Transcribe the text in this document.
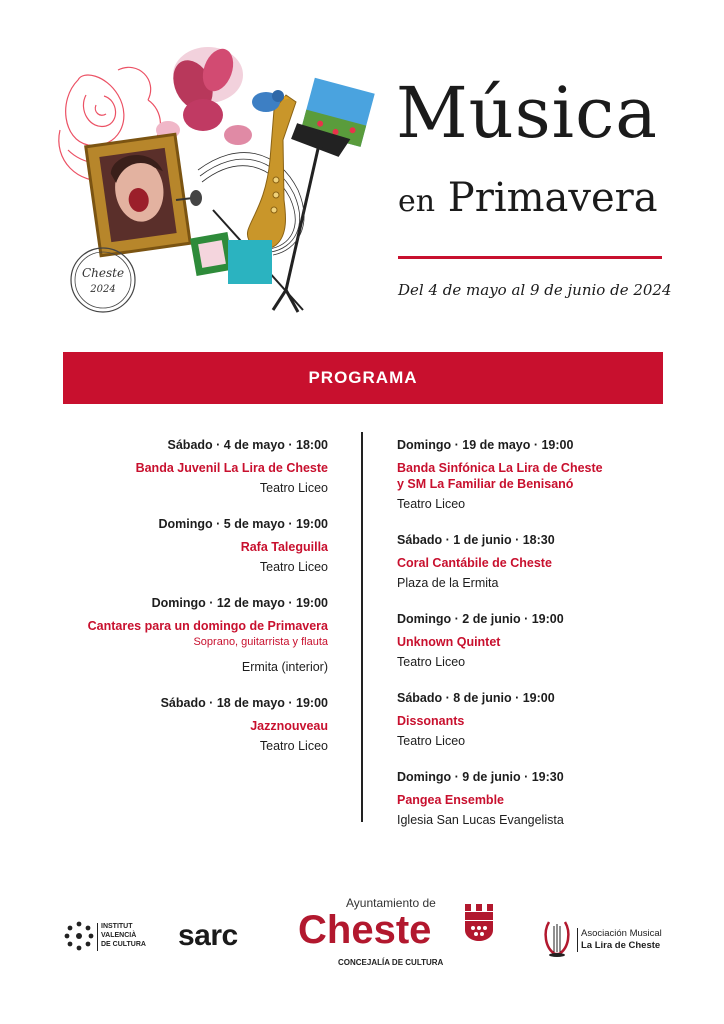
Cheste
2024
Música
en Primavera
Del 4 de mayo al 9 de junio de 2024
PROGRAMA
Sábado · 4 de mayo · 18:00
Banda Juvenil La Lira de Cheste
Teatro Liceo
Domingo · 5 de mayo · 19:00
Rafa Taleguilla
Teatro Liceo
Domingo · 12 de mayo · 19:00
Cantares para un domingo de Primavera
Soprano, guitarrista y flauta
Ermita (interior)
Sábado · 18 de mayo · 19:00
Jazznouveau
Teatro Liceo
Domingo · 19 de mayo · 19:00
Banda Sinfónica La Lira de Cheste
y SM La Familiar de Benisanó
Teatro Liceo
Sábado · 1 de junio · 18:30
Coral Cantábile de Cheste
Plaza de la Ermita
Domingo · 2 de junio · 19:00
Unknown Quintet
Teatro Liceo
Sábado · 8 de junio · 19:00
Dissonants
Teatro Liceo
Domingo · 9 de junio · 19:30
Pangea Ensemble
Iglesia San Lucas Evangelista
INSTITUT
VALENCIÀ
DE CULTURA sarc
Ayuntamiento de
Cheste
CONCEJALÍA DE CULTURA
Asociación Musical
La Lira de Cheste
